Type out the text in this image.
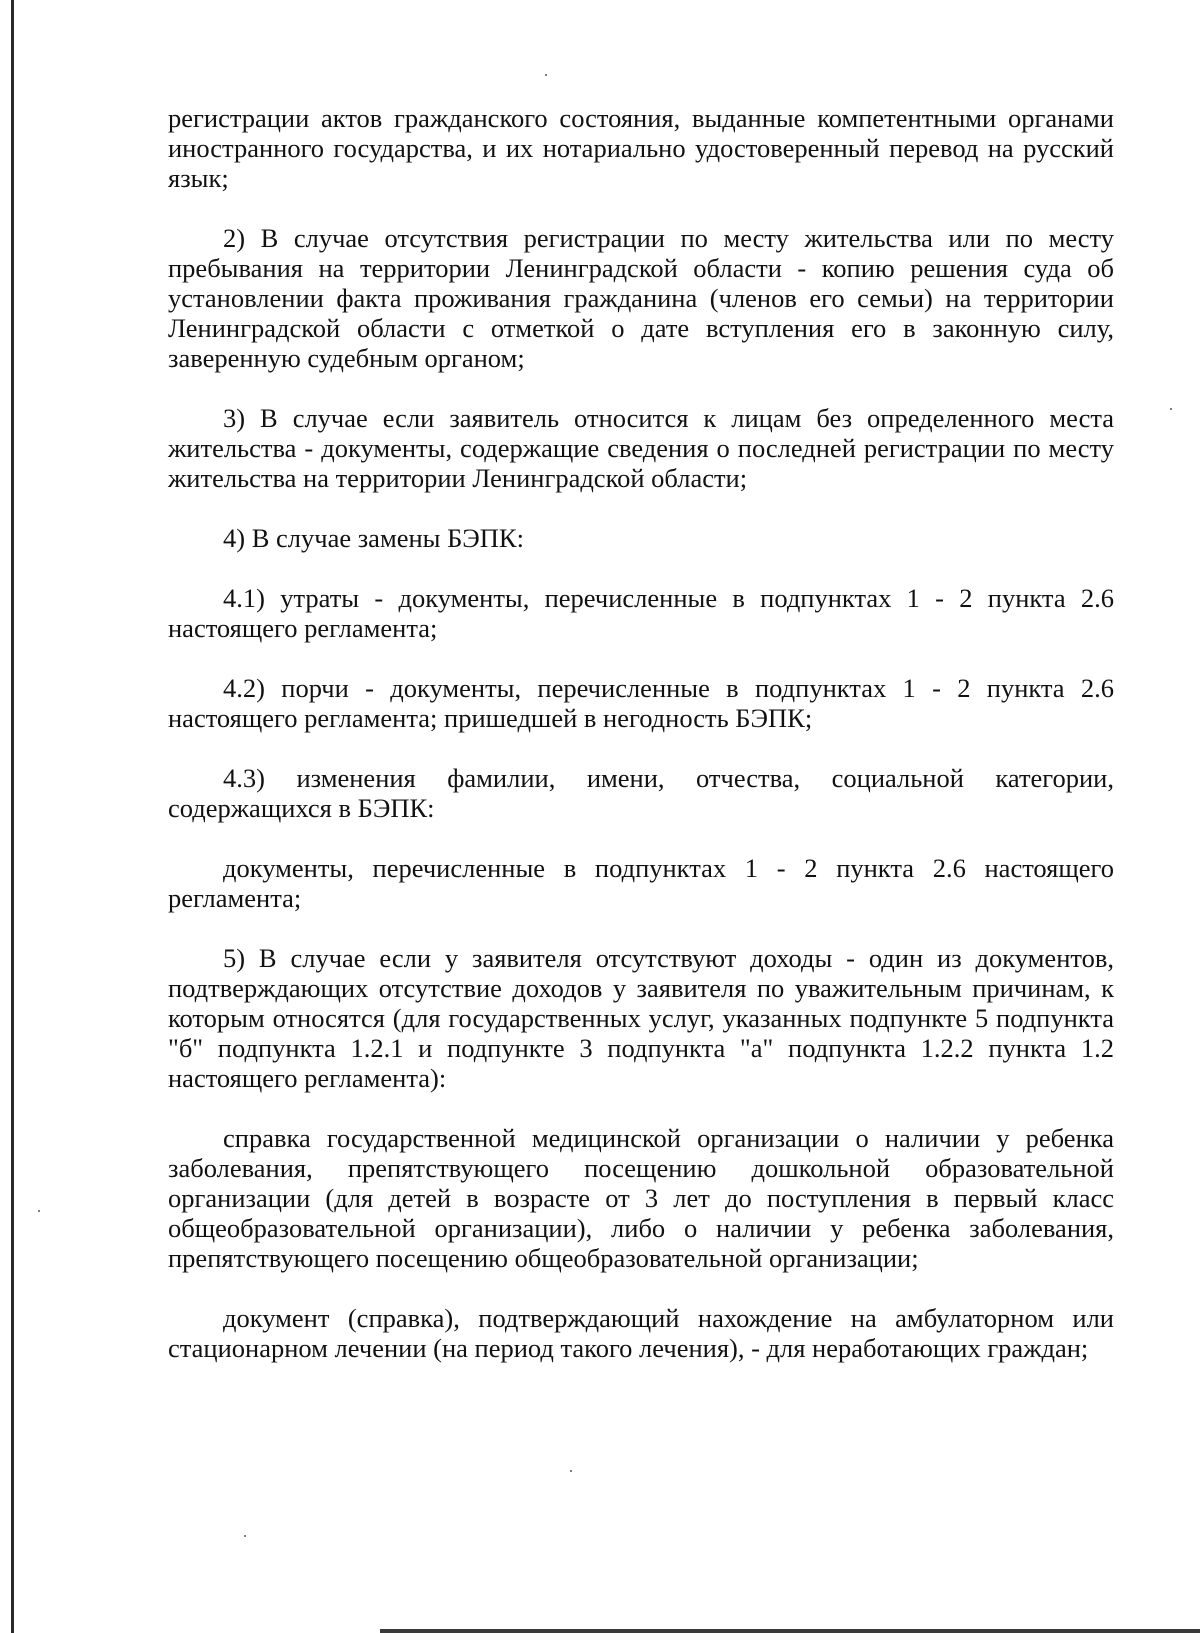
регистрации актов гражданского состояния, выданные компетентными органами иностранного государства, и их нотариально удостоверенный перевод на русский язык;

2) В случае отсутствия регистрации по месту жительства или по месту пребывания на территории Ленинградской области - копию решения суда об установлении факта проживания гражданина (членов его семьи) на территории Ленинградской области с отметкой о дате вступления его в законную силу, заверенную судебным органом;

3) В случае если заявитель относится к лицам без определенного места жительства - документы, содержащие сведения о последней регистрации по месту жительства на территории Ленинградской области;

4) В случае замены БЭПК:

4.1) утраты - документы, перечисленные в подпунктах 1 - 2 пункта 2.6 настоящего регламента;

4.2) порчи - документы, перечисленные в подпунктах 1 - 2 пункта 2.6 настоящего регламента; пришедшей в негодность БЭПК;

4.3) изменения фамилии, имени, отчества, социальной категории, содержащихся в БЭПК:

документы, перечисленные в подпунктах 1 - 2 пункта 2.6 настоящего регламента;

5) В случае если у заявителя отсутствуют доходы - один из документов, подтверждающих отсутствие доходов у заявителя по уважительным причинам, к которым относятся (для государственных услуг, указанных подпункте 5 подпункта "б" подпункта 1.2.1 и подпункте 3 подпункта "а" подпункта 1.2.2 пункта 1.2 настоящего регламента):

справка государственной медицинской организации о наличии у ребенка заболевания, препятствующего посещению дошкольной образовательной организации (для детей в возрасте от 3 лет до поступления в первый класс общеобразовательной организации), либо о наличии у ребенка заболевания, препятствующего посещению общеобразовательной организации;

документ (справка), подтверждающий нахождение на амбулаторном или стационарном лечении (на период такого лечения), - для неработающих граждан;
